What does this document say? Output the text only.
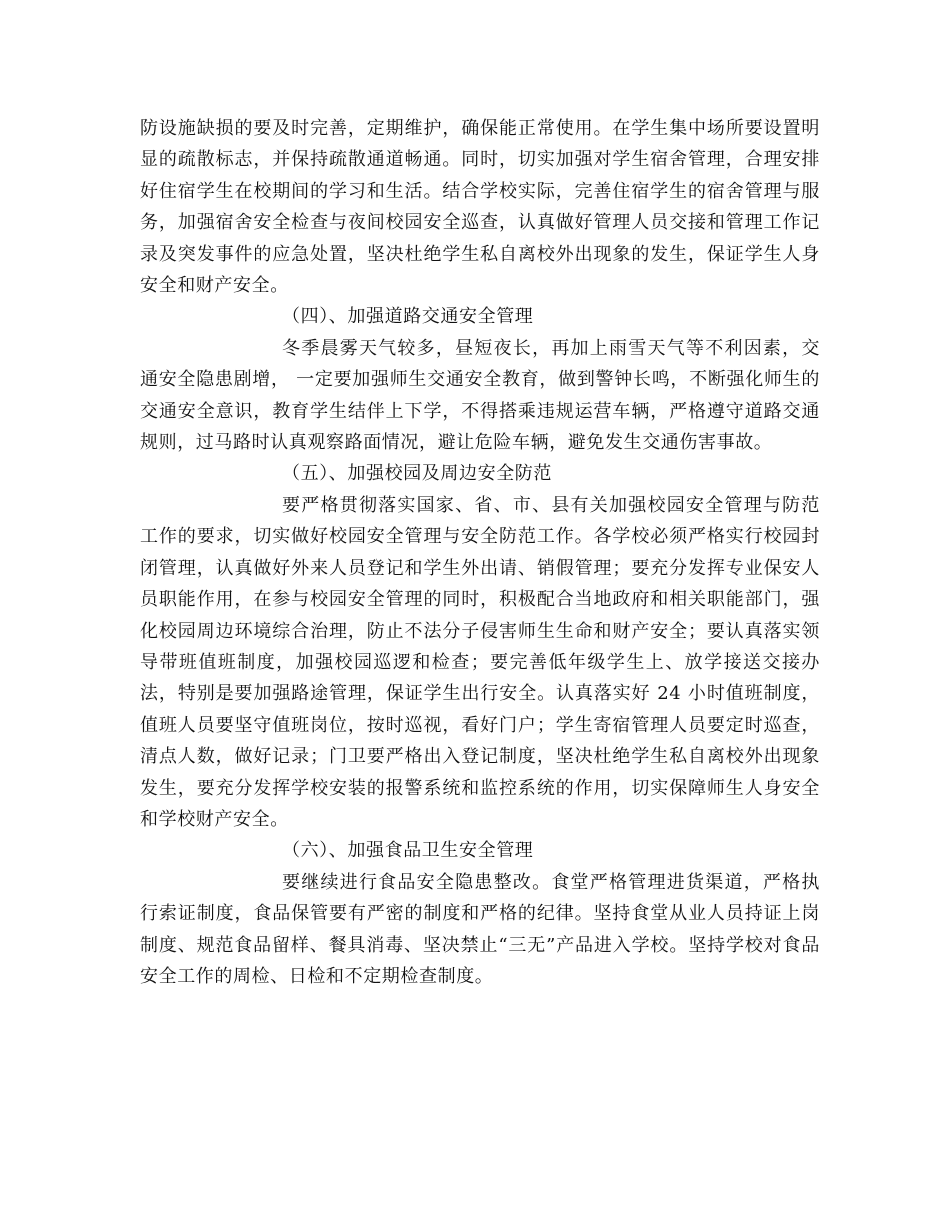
防设施缺损的要及时完善，定期维护，确保能正常使用。在学生集中场所要设置明显的疏散标志，并保持疏散通道畅通。同时，切实加强对学生宿舍管理，合理安排好住宿学生在校期间的学习和生活。结合学校实际，完善住宿学生的宿舍管理与服务，加强宿舍安全检查与夜间校园安全巡查，认真做好管理人员交接和管理工作记录及突发事件的应急处置，坚决杜绝学生私自离校外出现象的发生，保证学生人身安全和财产安全。

（四）、加强道路交通安全管理

冬季晨雾天气较多，昼短夜长，再加上雨雪天气等不利因素，交通安全隐患剧增， 一定要加强师生交通安全教育，做到警钟长鸣，不断强化师生的交通安全意识，教育学生结伴上下学，不得搭乘违规运营车辆，严格遵守道路交通规则，过马路时认真观察路面情况，避让危险车辆，避免发生交通伤害事故。

（五）、加强校园及周边安全防范

要严格贯彻落实国家、省、市、县有关加强校园安全管理与防范工作的要求，切实做好校园安全管理与安全防范工作。各学校必须严格实行校园封闭管理，认真做好外来人员登记和学生外出请、销假管理；要充分发挥专业保安人员职能作用，在参与校园安全管理的同时，积极配合当地政府和相关职能部门，强化校园周边环境综合治理，防止不法分子侵害师生生命和财产安全；要认真落实领导带班值班制度，加强校园巡逻和检查；要完善低年级学生上、放学接送交接办法，特别是要加强路途管理，保证学生出行安全。认真落实好 24 小时值班制度，值班人员要坚守值班岗位，按时巡视，看好门户；学生寄宿管理人员要定时巡查，清点人数，做好记录；门卫要严格出入登记制度，坚决杜绝学生私自离校外出现象发生，要充分发挥学校安装的报警系统和监控系统的作用，切实保障师生人身安全和学校财产安全。

（六）、加强食品卫生安全管理

要继续进行食品安全隐患整改。食堂严格管理进货渠道，严格执行索证制度，食品保管要有严密的制度和严格的纪律。坚持食堂从业人员持证上岗制度、规范食品留样、餐具消毒、坚决禁止“三无”产品进入学校。坚持学校对食品安全工作的周检、日检和不定期检查制度。
